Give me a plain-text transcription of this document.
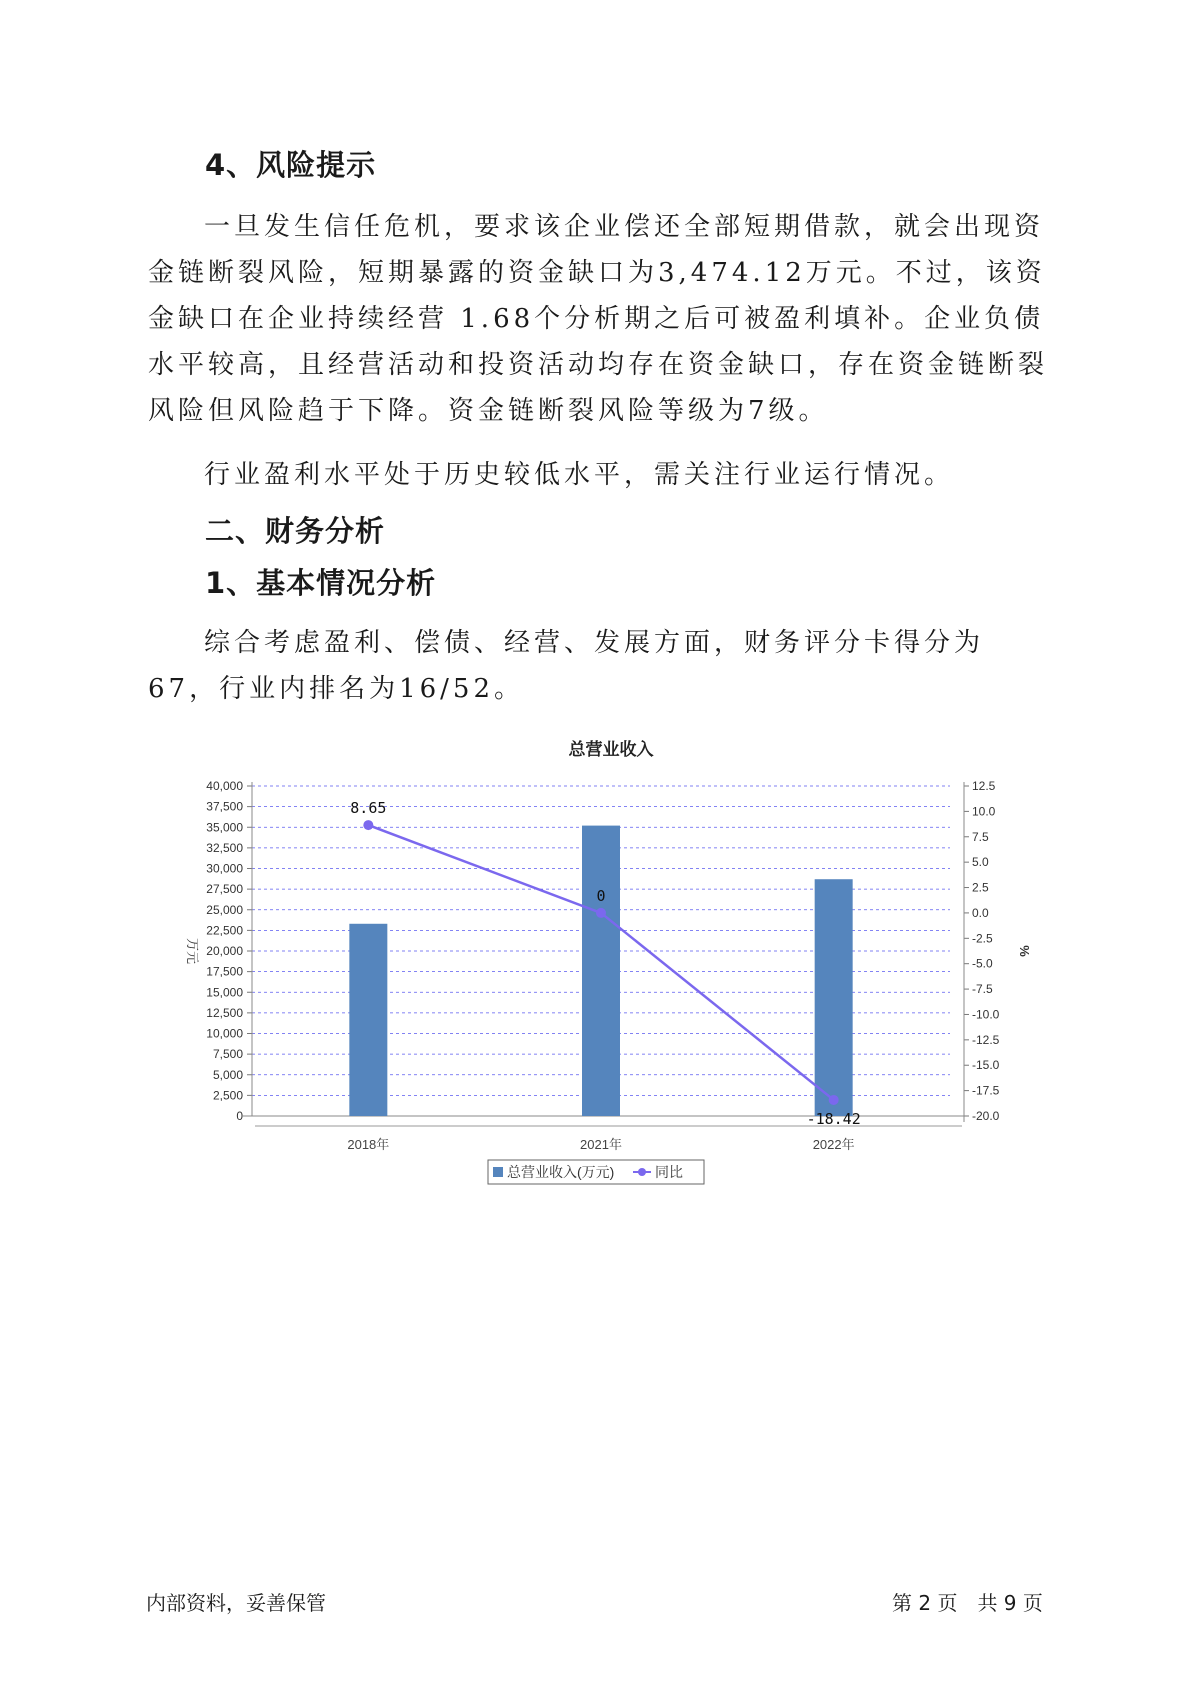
4、风险提示
一旦发生信任危机，要求该企业偿还全部短期借款，就会出现资金链断裂风险，短期暴露的资金缺口为3,474.12万元。不过，该资金缺口在企业持续经营 1.68个分析期之后可被盈利填补。企业负债水平较高，且经营活动和投资活动均存在资金缺口，存在资金链断裂风险但风险趋于下降。资金链断裂风险等级为7级。
行业盈利水平处于历史较低水平，需关注行业运行情况。
二、财务分析
1、基本情况分析
综合考虑盈利、偿债、经营、发展方面，财务评分卡得分为67，行业内排名为16/52。
总营业收入
0
2,500
5,000
7,500
10,000
12,500
15,000
17,500
20,000
22,500
25,000
27,500
30,000
32,500
35,000
37,500
40,000
-20.0
-17.5
-15.0
-12.5
-10.0
-7.5
-5.0
-2.5
0.0
2.5
5.0
7.5
10.0
12.5
万元	%
2018年	2021年	2022年
8.65
0
-18.42
总营业收入(万元)	同比
内部资料，妥善保管	第 2 页　共 9 页
